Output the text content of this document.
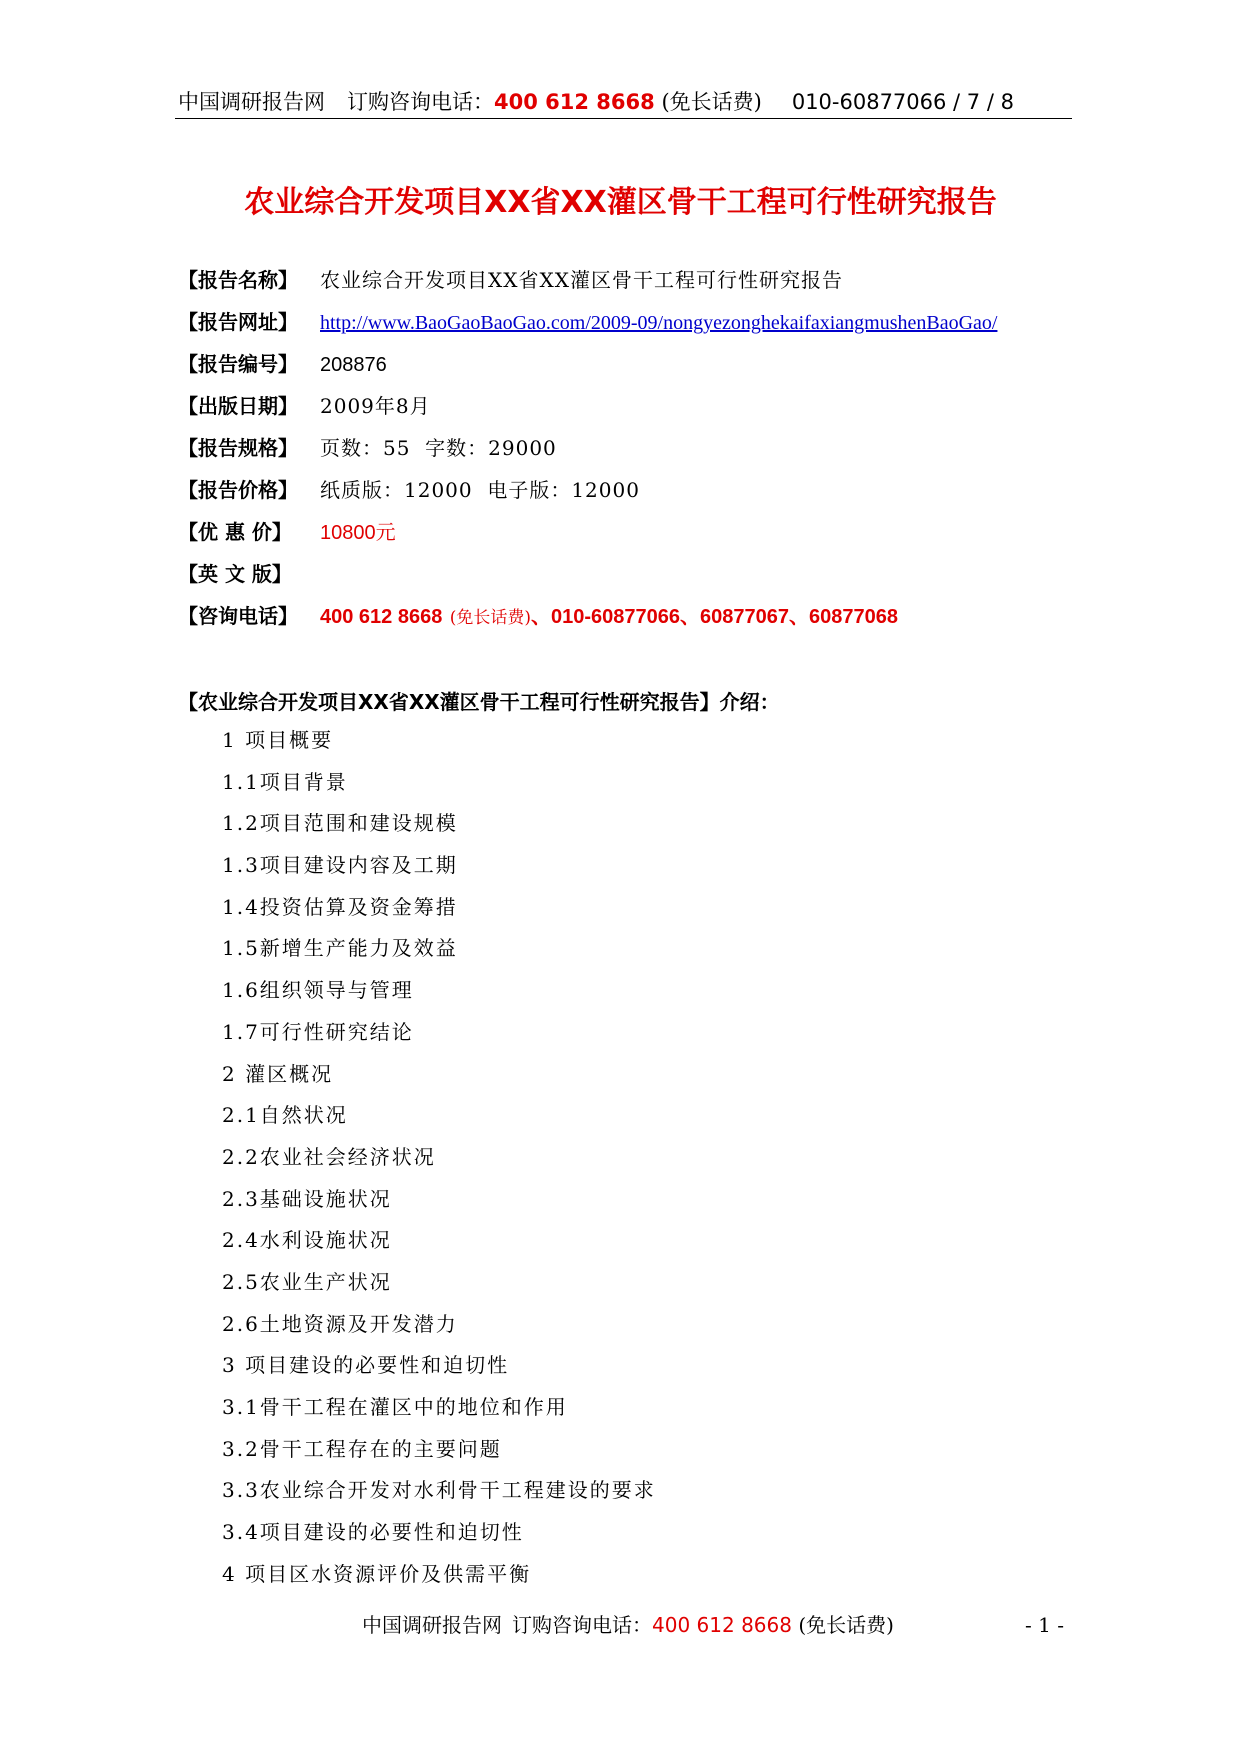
中国调研报告网 订购咨询电话：400 612 8668 (免长话费) 010-60877066 / 7 / 8
农业综合开发项目XX省XX灌区骨干工程可行性研究报告
【报告名称】 农业综合开发项目XX省XX灌区骨干工程可行性研究报告
【报告网址】 http://www.BaoGaoBaoGao.com/2009-09/nongyezonghekaifaxiangmushenBaoGao/
【报告编号】 208876
【出版日期】 2009年8月
【报告规格】 页数：55  字数：29000
【报告价格】 纸质版：12000  电子版：12000
【优 惠 价】 10800元
【英 文 版】
【咨询电话】 400 612 8668 (免长话费)、010-60877066、60877067、60877068
【农业综合开发项目XX省XX灌区骨干工程可行性研究报告】介绍：
1 项目概要
1.1项目背景
1.2项目范围和建设规模
1.3项目建设内容及工期
1.4投资估算及资金筹措
1.5新增生产能力及效益
1.6组织领导与管理
1.7可行性研究结论
2 灌区概况
2.1自然状况
2.2农业社会经济状况
2.3基础设施状况
2.4水利设施状况
2.5农业生产状况
2.6土地资源及开发潜力
3 项目建设的必要性和迫切性
3.1骨干工程在灌区中的地位和作用
3.2骨干工程存在的主要问题
3.3农业综合开发对水利骨干工程建设的要求
3.4项目建设的必要性和迫切性
4 项目区水资源评价及供需平衡
中国调研报告网 订购咨询电话：400 612 8668 (免长话费)	- 1 -
